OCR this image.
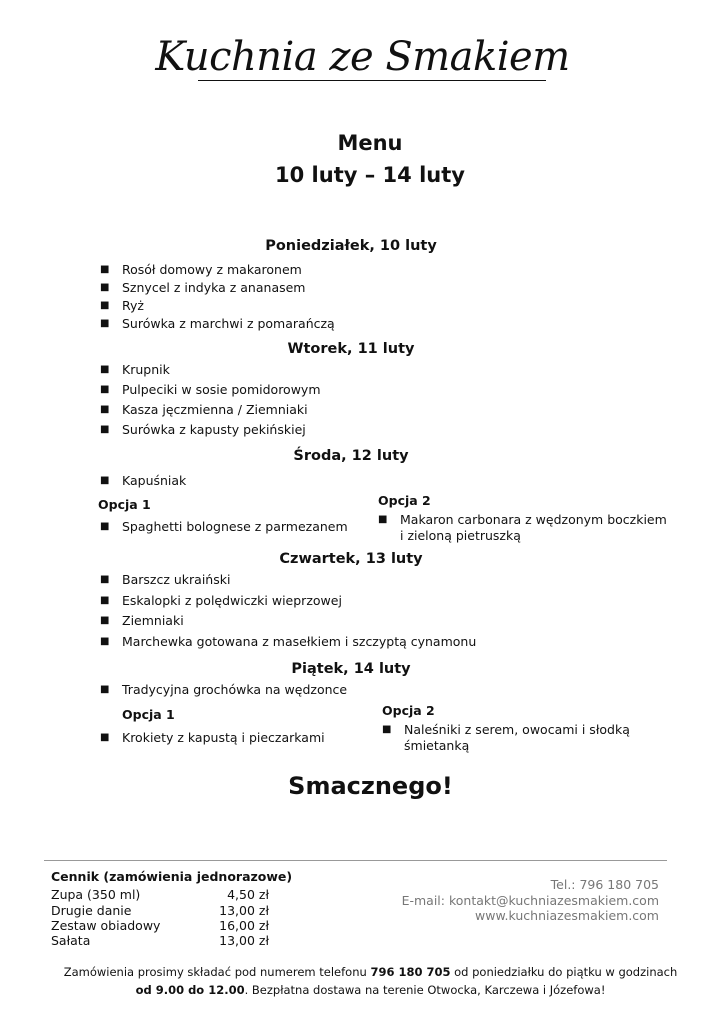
Kuchnia ze Smakiem
Menu
10 luty – 14 luty
Poniedziałek, 10 luty
■ Rosół domowy z makaronem
■ Sznycel z indyka z ananasem
■ Ryż
■ Surówka z marchwi z pomarańczą
Wtorek, 11 luty
■ Krupnik
■ Pulpeciki w sosie pomidorowym
■ Kasza jęczmienna / Ziemniaki
■ Surówka z kapusty pekińskiej
Środa, 12 luty
■ Kapuśniak
Opcja 1
■ Spaghetti bolognese z parmezanem
Opcja 2
■ Makaron carbonara z wędzonym boczkiem i zieloną pietruszką
Czwartek, 13 luty
■ Barszcz ukraiński
■ Eskalopki z polędwiczki wieprzowej
■ Ziemniaki
■ Marchewka gotowana z masełkiem i szczyptą cynamonu
Piątek, 14 luty
■ Tradycyjna grochówka na wędzonce
Opcja 1
■ Krokiety z kapustą i pieczarkami
Opcja 2
■ Naleśniki z serem, owocami i słodką śmietanką
Smacznego!
Cennik (zamówienia jednorazowe)
Zupa (350 ml)	4,50 zł
Drugie danie	13,00 zł
Zestaw obiadowy	16,00 zł
Sałata	13,00 zł
Tel.: 796 180 705
E-mail: kontakt@kuchniazesmakiem.com
www.kuchniazesmakiem.com
Zamówienia prosimy składać pod numerem telefonu 796 180 705 od poniedziałku do piątku w godzinach
od 9.00 do 12.00. Bezpłatna dostawa na terenie Otwocka, Karczewa i Józefowa!
